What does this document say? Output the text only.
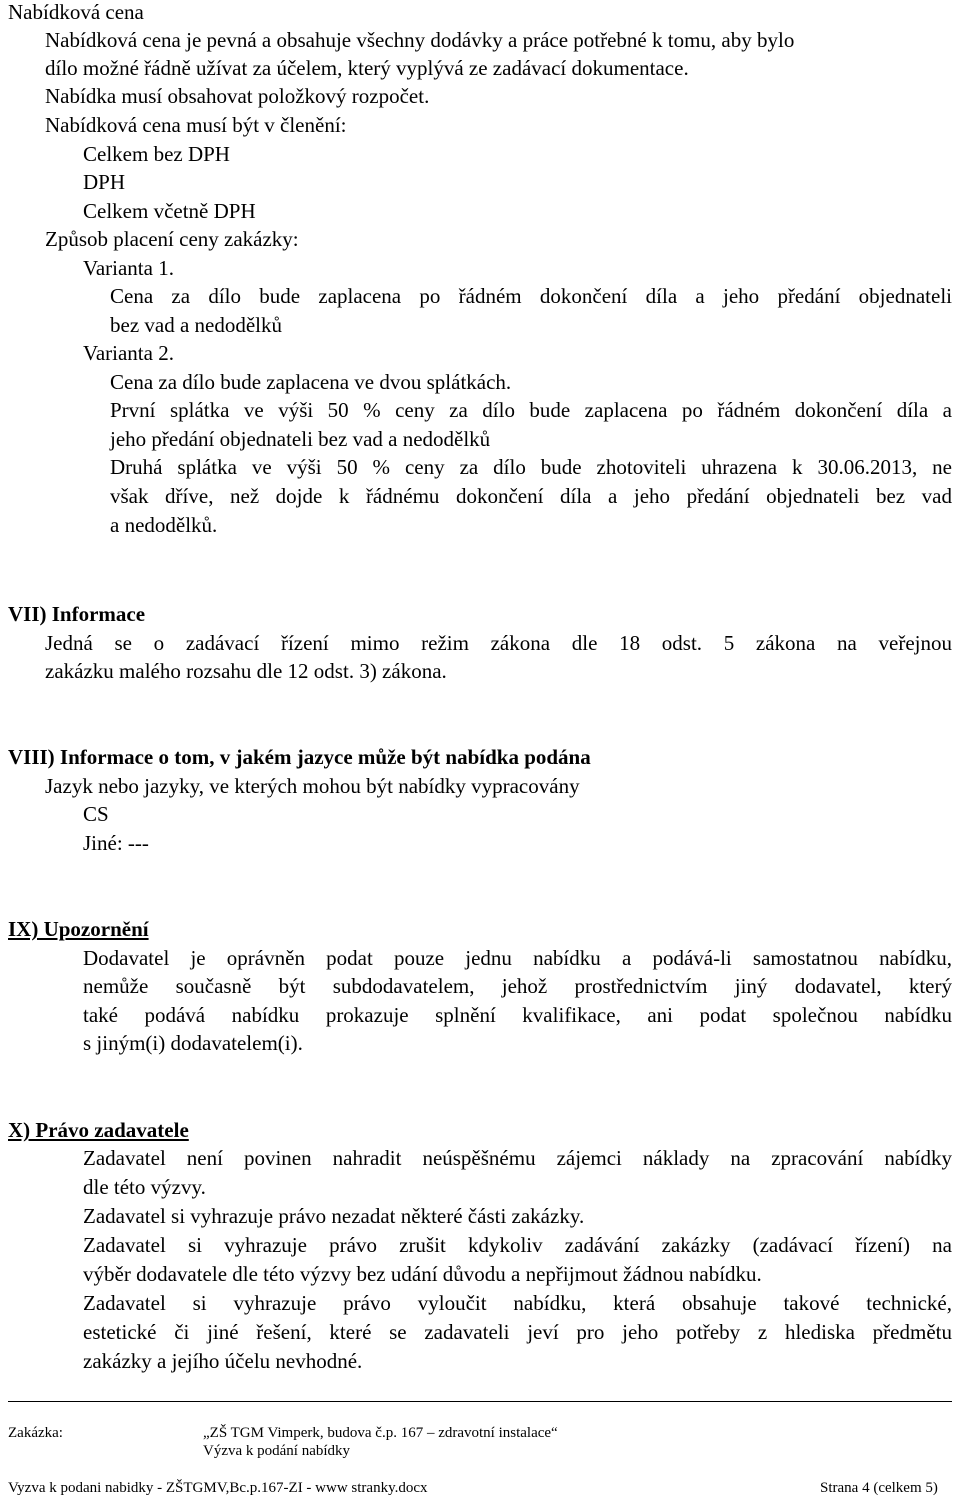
Nabídková cena
Nabídková cena je pevná a obsahuje všechny dodávky a práce potřebné k tomu, aby bylo
dílo možné řádně užívat za účelem, který vyplývá ze zadávací dokumentace.
Nabídka musí obsahovat položkový rozpočet.
Nabídková cena musí být v členění:
Celkem bez DPH
DPH
Celkem včetně DPH
Způsob placení ceny zakázky:
Varianta 1.
Cena za dílo bude zaplacena po řádném dokončení díla a jeho předání objednateli
bez vad a nedodělků
Varianta 2.
Cena za dílo bude zaplacena ve dvou splátkách.
První splátka ve výši 50 % ceny za dílo bude zaplacena po řádném dokončení díla a
jeho předání objednateli bez vad a nedodělků
Druhá splátka ve výši 50 % ceny za dílo bude zhotoviteli uhrazena k 30.06.2013, ne
však dříve, než dojde k řádnému dokončení díla a jeho předání objednateli bez vad
a nedodělků.
VII) Informace
Jedná se o zadávací řízení mimo režim zákona dle 18 odst. 5 zákona na veřejnou
zakázku malého rozsahu dle 12 odst. 3) zákona.
VIII) Informace o tom, v jakém jazyce může být nabídka podána
Jazyk nebo jazyky, ve kterých mohou být nabídky vypracovány
CS
Jiné: ---
IX) Upozornění
Dodavatel je oprávněn podat pouze jednu nabídku a podává-li samostatnou nabídku,
nemůže současně být subdodavatelem, jehož prostřednictvím jiný dodavatel, který
také podává nabídku prokazuje splnění kvalifikace, ani podat společnou nabídku
s jiným(i) dodavatelem(i).
X) Právo zadavatele
Zadavatel není povinen nahradit neúspěšnému zájemci náklady na zpracování nabídky
dle této výzvy.
Zadavatel si vyhrazuje právo nezadat některé části zakázky.
Zadavatel si vyhrazuje právo zrušit kdykoliv zadávání zakázky (zadávací řízení) na
výběr dodavatele dle této výzvy bez udání důvodu a nepřijmout žádnou nabídku.
Zadavatel si vyhrazuje právo vyloučit nabídku, která obsahuje takové technické,
estetické či jiné řešení, které se zadavateli jeví pro jeho potřeby z hlediska předmětu
zakázky a jejího účelu nevhodné.
Zakázka:	„ZŠ TGM Vimperk, budova č.p. 167 – zdravotní instalace“
Výzva k podání nabídky
Vyzva k podani nabidky - ZŠTGMV,Bc.p.167-ZI - www stranky.docx	Strana 4 (celkem 5)
